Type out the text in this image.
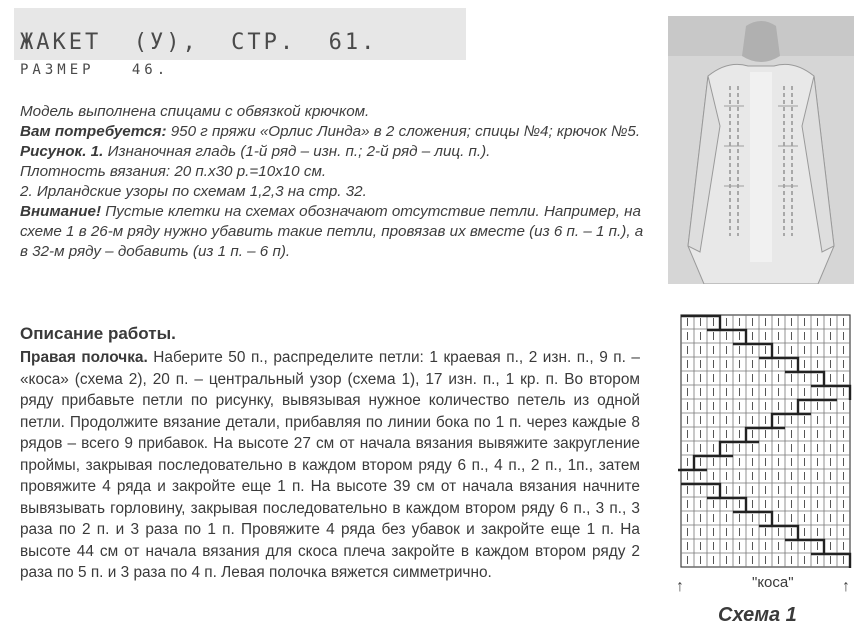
ЖАКЕТ  (У),  СТР.  61.
РАЗМЕР   46.

Модель выполнена спицами с обвязкой крючком.

Вам потребуется: 950 г пряжи «Орлис Линда» в 2 сложения; спицы №4; крючок №5.

Рисунок. 1. Изнаночная гладь (1-й ряд – изн. п.; 2-й ряд – лиц. п.).

Плотность вязания: 20 п.х30 р.=10х10 см.

2. Ирландские узоры по схемам 1,2,3 на стр. 32.

Внимание! Пустые клетки на схемах обозначают отсутствие петли. Например, на схеме 1 в 26-м ряду нужно убавить такие петли, провязав их вместе (из 6 п. – 1 п.), а в 32-м ряду – добавить (из 1 п. – 6 п).

Описание работы.
Правая полочка. Наберите 50 п., распределите петли: 1 краевая п., 2 изн. п., 9 п. – «коса» (схема 2), 20 п. – центральный узор (схема 1), 17 изн. п., 1 кр. п. Во втором ряду прибавьте петли по рисунку, вывязывая нужное количество петель из одной петли. Продолжите вязание детали, прибавляя по линии бока по 1 п. через каждые 8 рядов – всего 9 прибавок. На высоте 27 см от начала вязания вывяжите закругление проймы, закрывая последовательно в каждом втором ряду 6 п., 4 п., 2 п., 1п., затем провяжите 4 ряда и закройте еще 1 п. На высоте 39 см от начала вязания начните вывязывать горловину, закрывая последовательно в каждом втором ряду 6 п., 3 п., 3 раза по 2 п. и 3 раза по 1 п. Провяжите 4 ряда без убавок и закройте еще 1 п. На высоте 44 см от начала вязания для скоса плеча закройте в каждом втором ряду 2 раза по 5 п. и 3 раза по 4 п. Левая полочка вяжется симметрично.
↑	↑
"коса"
Схема 1
